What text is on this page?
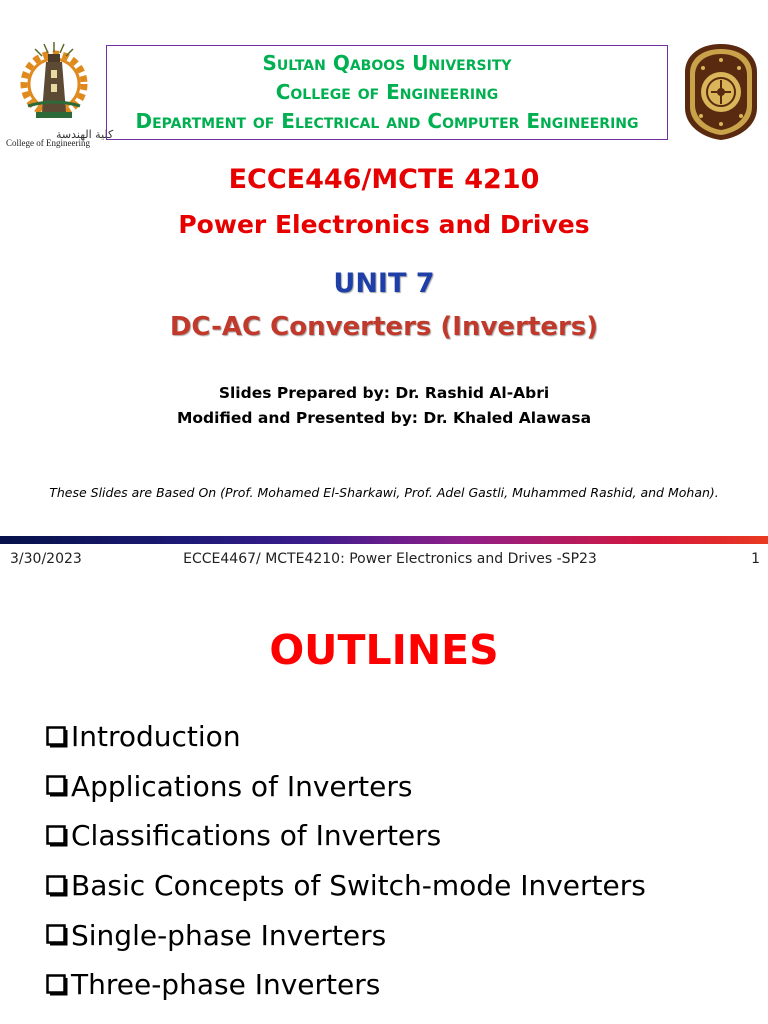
كلية الهندسة
College of Engineering
Sultan Qaboos University
College of Engineering
Department of Electrical and Computer Engineering
ECCE446/MCTE 4210
Power Electronics and Drives
UNIT 7
DC-AC Converters (Inverters)
Slides Prepared by: Dr. Rashid Al-Abri
Modified and Presented by: Dr. Khaled Alawasa
These Slides are Based On (Prof. Mohamed El-Sharkawi, Prof. Adel Gastli, Muhammed Rashid, and Mohan).
3/30/2023	ECCE4467/ MCTE4210: Power Electronics and Drives -SP23	1
OUTLINES
Introduction
Applications of Inverters
Classifications of Inverters
Basic Concepts of Switch-mode Inverters
Single-phase Inverters
Three-phase Inverters
